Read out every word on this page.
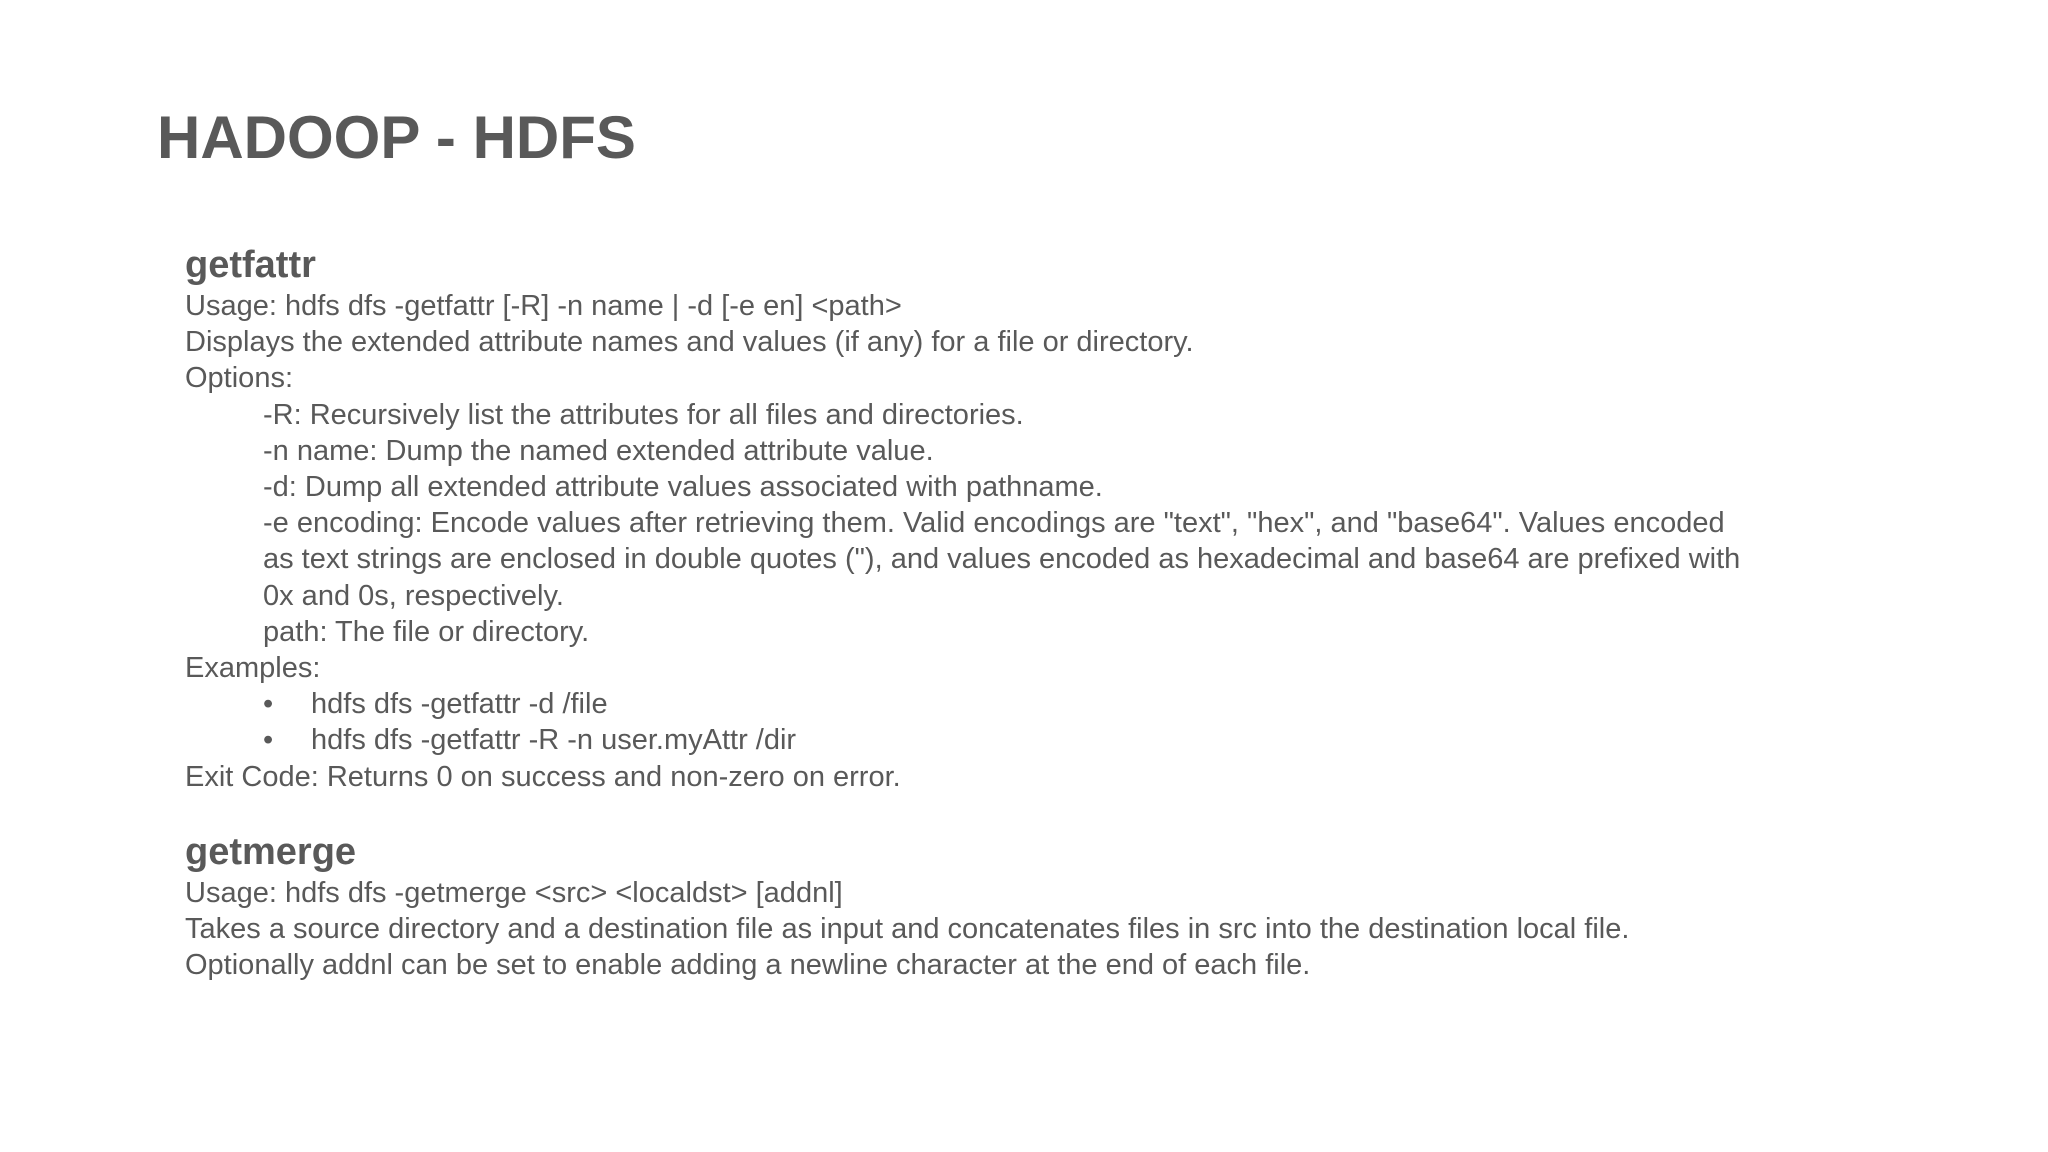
HADOOP - HDFS

getfattr

Usage: hdfs dfs -getfattr [-R] -n name | -d [-e en] <path>

Displays the extended attribute names and values (if any) for a file or directory.

Options:

-R: Recursively list the attributes for all files and directories.

-n name: Dump the named extended attribute value.

-d: Dump all extended attribute values associated with pathname.

-e encoding: Encode values after retrieving them. Valid encodings are "text", "hex", and "base64". Values encoded as text strings are enclosed in double quotes ("), and values encoded as hexadecimal and base64 are prefixed with 0x and 0s, respectively.

path: The file or directory.

Examples:

•	hdfs dfs -getfattr -d /file
•	hdfs dfs -getfattr -R -n user.myAttr /dir

Exit Code: Returns 0 on success and non-zero on error.

getmerge

Usage: hdfs dfs -getmerge <src> <localdst> [addnl]

Takes a source directory and a destination file as input and concatenates files in src into the destination local file.

Optionally addnl can be set to enable adding a newline character at the end of each file.
